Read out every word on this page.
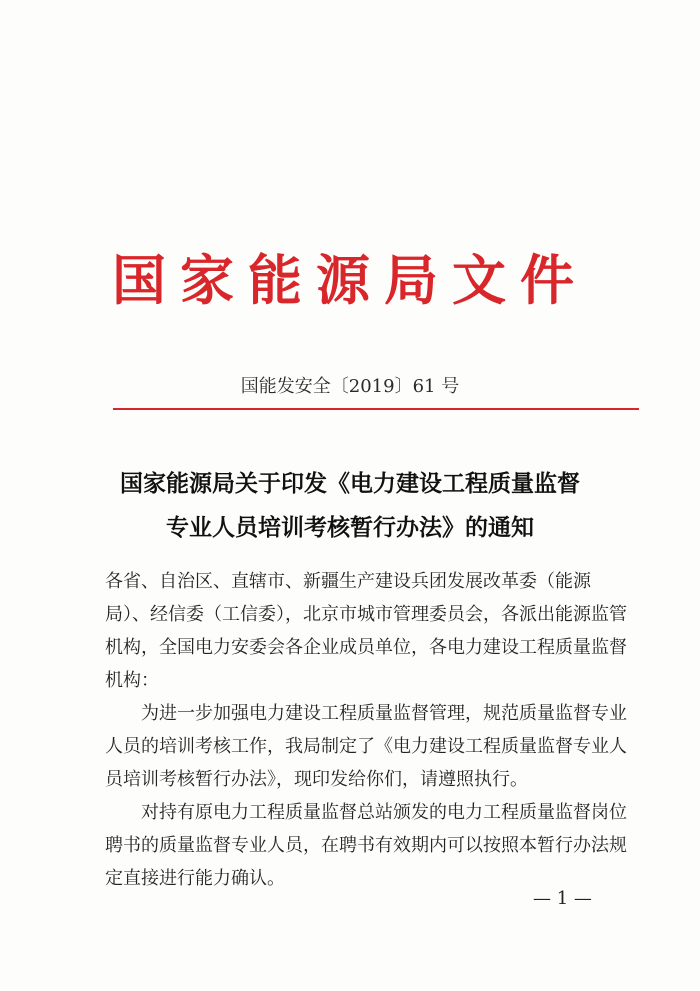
国家能源局文件
国能发安全〔2019〕61 号
国家能源局关于印发《电力建设工程质量监督
专业人员培训考核暂行办法》的通知

各省、自治区、直辖市、新疆生产建设兵团发展改革委（能源局）、经信委（工信委），北京市城市管理委员会，各派出能源监管机构，全国电力安委会各企业成员单位，各电力建设工程质量监督机构：

为进一步加强电力建设工程质量监督管理，规范质量监督专业人员的培训考核工作，我局制定了《电力建设工程质量监督专业人员培训考核暂行办法》，现印发给你们，请遵照执行。

对持有原电力工程质量监督总站颁发的电力工程质量监督岗位聘书的质量监督专业人员，在聘书有效期内可以按照本暂行办法规定直接进行能力确认。

— 1 —
